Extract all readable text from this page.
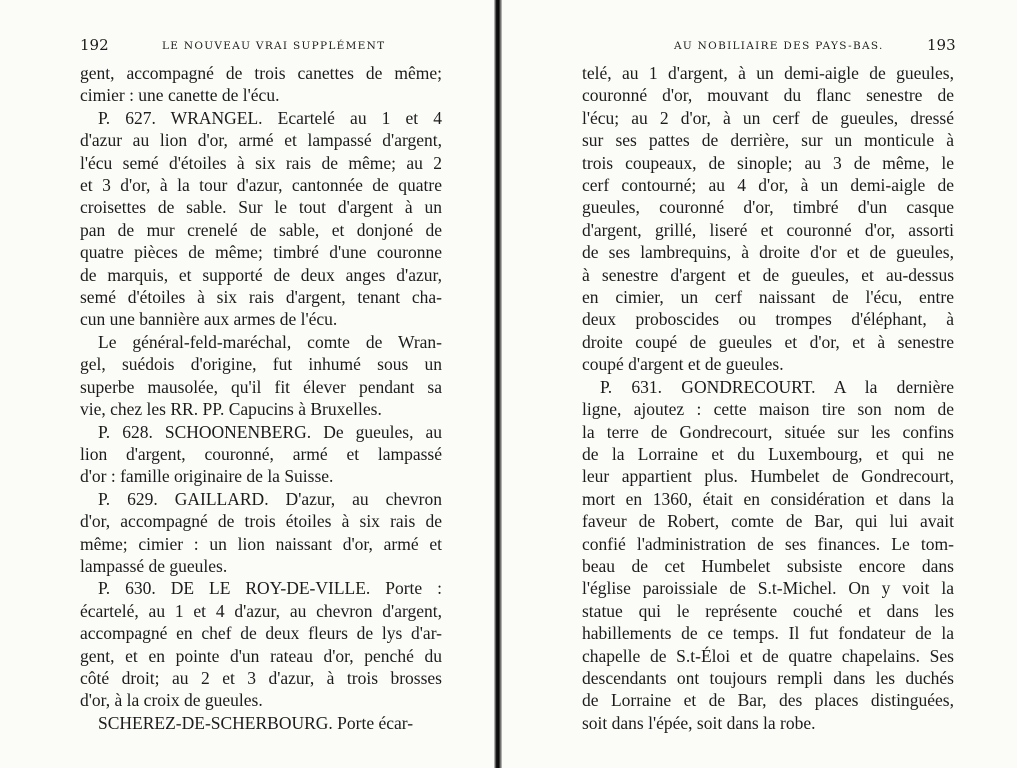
192	LE NOUVEAU VRAI SUPPLÉMENT

gent, accompagné de trois canettes de même;

cimier : une canette de l'écu.

P. 627. WRANGEL. Ecartelé au 1 et 4

d'azur au lion d'or, armé et lampassé d'argent,

l'écu semé d'étoiles à six rais de même; au 2

et 3 d'or, à la tour d'azur, cantonnée de quatre

croisettes de sable. Sur le tout d'argent à un

pan de mur crenelé de sable, et donjoné de

quatre pièces de même; timbré d'une couronne

de marquis, et supporté de deux anges d'azur,

semé d'étoiles à six rais d'argent, tenant cha-

cun une bannière aux armes de l'écu.

Le général-feld-maréchal, comte de Wran-

gel, suédois d'origine, fut inhumé sous un

superbe mausolée, qu'il fit élever pendant sa

vie, chez les RR. PP. Capucins à Bruxelles.

P. 628. SCHOONENBERG. De gueules, au

lion d'argent, couronné, armé et lampassé

d'or : famille originaire de la Suisse.

P. 629. GAILLARD. D'azur, au chevron

d'or, accompagné de trois étoiles à six rais de

même; cimier : un lion naissant d'or, armé et

lampassé de gueules.

P. 630. DE LE ROY-DE-VILLE. Porte :

écartelé, au 1 et 4 d'azur, au chevron d'argent,

accompagné en chef de deux fleurs de lys d'ar-

gent, et en pointe d'un rateau d'or, penché du

côté droit; au 2 et 3 d'azur, à trois brosses

d'or, à la croix de gueules.

SCHEREZ-DE-SCHERBOURG. Porte écar-

AU NOBILIAIRE DES PAYS-BAS.	193

telé, au 1 d'argent, à un demi-aigle de gueules,

couronné d'or, mouvant du flanc senestre de

l'écu; au 2 d'or, à un cerf de gueules, dressé

sur ses pattes de derrière, sur un monticule à

trois coupeaux, de sinople; au 3 de même, le

cerf contourné; au 4 d'or, à un demi-aigle de

gueules, couronné d'or, timbré d'un casque

d'argent, grillé, liseré et couronné d'or, assorti

de ses lambrequins, à droite d'or et de gueules,

à senestre d'argent et de gueules, et au-dessus

en cimier, un cerf naissant de l'écu, entre

deux proboscides ou trompes d'éléphant, à

droite coupé de gueules et d'or, et à senestre

coupé d'argent et de gueules.

P. 631. GONDRECOURT. A la dernière

ligne, ajoutez : cette maison tire son nom de

la terre de Gondrecourt, située sur les confins

de la Lorraine et du Luxembourg, et qui ne

leur appartient plus. Humbelet de Gondrecourt,

mort en 1360, était en considération et dans la

faveur de Robert, comte de Bar, qui lui avait

confié l'administration de ses finances. Le tom-

beau de cet Humbelet subsiste encore dans

l'église paroissiale de S.t-Michel. On y voit la

statue qui le représente couché et dans les

habillements de ce temps. Il fut fondateur de la

chapelle de S.t-Éloi et de quatre chapelains. Ses

descendants ont toujours rempli dans les duchés

de Lorraine et de Bar, des places distinguées,

soit dans l'épée, soit dans la robe.
